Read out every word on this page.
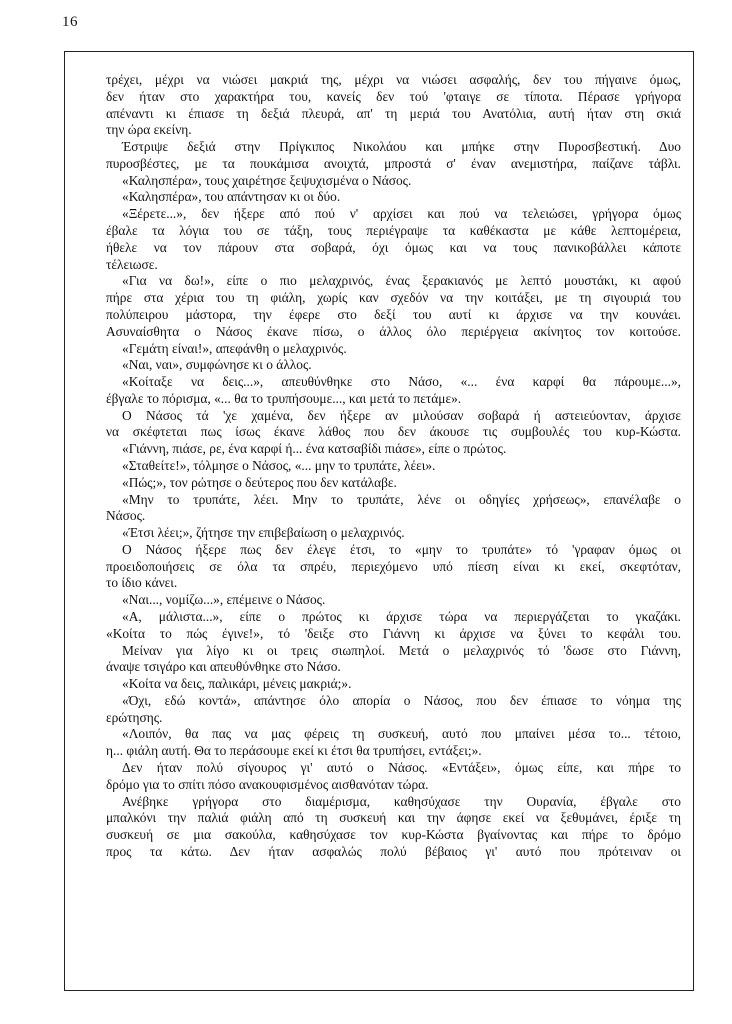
16
τρέχει, μέχρι να νιώσει μακριά της, μέχρι να νιώσει ασφαλής, δεν του πήγαινε όμως,
δεν ήταν στο χαρακτήρα του, κανείς δεν τού 'φταιγε σε τίποτα. Πέρασε γρήγορα
απέναντι κι έπιασε τη δεξιά πλευρά, απ' τη μεριά του Ανατόλια, αυτή ήταν στη σκιά
την ώρα εκείνη.
Έστριψε δεξιά στην Πρίγκιπος Νικολάου και μπήκε στην Πυροσβεστική. Δυο
πυροσβέστες, με τα πουκάμισα ανοιχτά, μπροστά σ' έναν ανεμιστήρα, παίζανε τάβλι.
«Καλησπέρα», τους χαιρέτησε ξεψυχισμένα ο Νάσος.
«Καλησπέρα», του απάντησαν κι οι δύο.
«Ξέρετε...», δεν ήξερε από πού ν' αρχίσει και πού να τελειώσει, γρήγορα όμως
έβαλε τα λόγια του σε τάξη, τους περιέγραψε τα καθέκαστα με κάθε λεπτομέρεια,
ήθελε να τον πάρουν στα σοβαρά, όχι όμως και να τους πανικοβάλλει κάποτε
τέλειωσε.
«Για να δω!», είπε ο πιο μελαχρινός, ένας ξερακιανός με λεπτό μουστάκι, κι αφού
πήρε στα χέρια του τη φιάλη, χωρίς καν σχεδόν να την κοιτάξει, με τη σιγουριά του
πολύπειρου μάστορα, την έφερε στο δεξί του αυτί κι άρχισε να την κουνάει.
Ασυναίσθητα ο Νάσος έκανε πίσω, ο άλλος όλο περιέργεια ακίνητος τον κοιτούσε.
«Γεμάτη είναι!», απεφάνθη ο μελαχρινός.
«Ναι, ναι», συμφώνησε κι ο άλλος.
«Κοίταξε να δεις...», απευθύνθηκε στο Νάσο, «... ένα καρφί θα πάρουμε...»,
έβγαλε το πόρισμα, «... θα το τρυπήσουμε..., και μετά το πετάμε».
Ο Νάσος τά 'χε χαμένα, δεν ήξερε αν μιλούσαν σοβαρά ή αστειεύονταν, άρχισε
να σκέφτεται πως ίσως έκανε λάθος που δεν άκουσε τις συμβουλές του κυρ-Κώστα.
«Γιάννη, πιάσε, ρε, ένα καρφί ή... ένα κατσαβίδι πιάσε», είπε ο πρώτος.
«Σταθείτε!», τόλμησε ο Νάσος, «... μην το τρυπάτε, λέει».
«Πώς;», τον ρώτησε ο δεύτερος που δεν κατάλαβε.
«Μην το τρυπάτε, λέει. Μην το τρυπάτε, λένε οι οδηγίες χρήσεως», επανέλαβε ο
Νάσος.
«Έτσι λέει;», ζήτησε την επιβεβαίωση ο μελαχρινός.
Ο Νάσος ήξερε πως δεν έλεγε έτσι, το «μην το τρυπάτε» τό 'γραφαν όμως οι
προειδοποιήσεις σε όλα τα σπρέυ, περιεχόμενο υπό πίεση είναι κι εκεί, σκεφτόταν,
το ίδιο κάνει.
«Ναι..., νομίζω...», επέμεινε ο Νάσος.
«Α, μάλιστα...», είπε ο πρώτος κι άρχισε τώρα να περιεργάζεται το γκαζάκι.
«Κοίτα το πώς έγινε!», τό 'δειξε στο Γιάννη κι άρχισε να ξύνει το κεφάλι του.
Μείναν για λίγο κι οι τρεις σιωπηλοί. Μετά ο μελαχρινός τό 'δωσε στο Γιάννη,
άναψε τσιγάρο και απευθύνθηκε στο Νάσο.
«Κοίτα να δεις, παλικάρι, μένεις μακριά;».
«Όχι, εδώ κοντά», απάντησε όλο απορία ο Νάσος, που δεν έπιασε το νόημα της
ερώτησης.
«Λοιπόν, θα πας να μας φέρεις τη συσκευή, αυτό που μπαίνει μέσα το... τέτοιο,
η... φιάλη αυτή. Θα το περάσουμε εκεί κι έτσι θα τρυπήσει, εντάξει;».
Δεν ήταν πολύ σίγουρος γι' αυτό ο Νάσος. «Εντάξει», όμως είπε, και πήρε το
δρόμο για το σπίτι πόσο ανακουφισμένος αισθανόταν τώρα.
Ανέβηκε γρήγορα στο διαμέρισμα, καθησύχασε την Ουρανία, έβγαλε στο
μπαλκόνι την παλιά φιάλη από τη συσκευή και την άφησε εκεί να ξεθυμάνει, έριξε τη
συσκευή σε μια σακούλα, καθησύχασε τον κυρ-Κώστα βγαίνοντας και πήρε το δρόμο
προς τα κάτω. Δεν ήταν ασφαλώς πολύ βέβαιος γι' αυτό που πρότειναν οι
